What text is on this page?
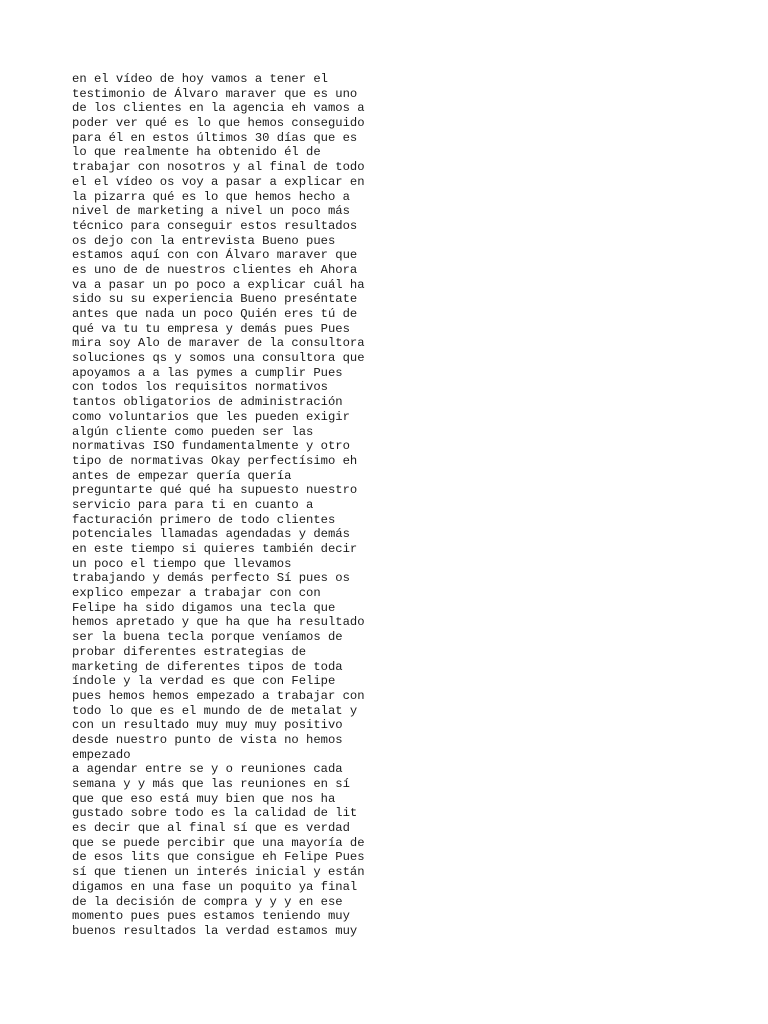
en el vídeo de hoy vamos a tener el
testimonio de Álvaro maraver que es uno
de los clientes en la agencia eh vamos a
poder ver qué es lo que hemos conseguido
para él en estos últimos 30 días que es
lo que realmente ha obtenido él de
trabajar con nosotros y al final de todo
el el vídeo os voy a pasar a explicar en
la pizarra qué es lo que hemos hecho a
nivel de marketing a nivel un poco más
técnico para conseguir estos resultados
os dejo con la entrevista Bueno pues
estamos aquí con con Álvaro maraver que
es uno de de nuestros clientes eh Ahora
va a pasar un po poco a explicar cuál ha
sido su su experiencia Bueno preséntate
antes que nada un poco Quién eres tú de
qué va tu tu empresa y demás pues Pues
mira soy Alo de maraver de la consultora
soluciones qs y somos una consultora que
apoyamos a a las pymes a cumplir Pues
con todos los requisitos normativos
tantos obligatorios de administración
como voluntarios que les pueden exigir
algún cliente como pueden ser las
normativas ISO fundamentalmente y otro
tipo de normativas Okay perfectísimo eh
antes de empezar quería quería
preguntarte qué qué ha supuesto nuestro
servicio para para ti en cuanto a
facturación primero de todo clientes
potenciales llamadas agendadas y demás
en este tiempo si quieres también decir
un poco el tiempo que llevamos
trabajando y demás perfecto Sí pues os
explico empezar a trabajar con con
Felipe ha sido digamos una tecla que
hemos apretado y que ha que ha resultado
ser la buena tecla porque veníamos de
probar diferentes estrategias de
marketing de diferentes tipos de toda
índole y la verdad es que con Felipe
pues hemos hemos empezado a trabajar con
todo lo que es el mundo de de metalat y
con un resultado muy muy muy positivo
desde nuestro punto de vista no hemos
empezado
a agendar entre se y o reuniones cada
semana y y más que las reuniones en sí
que que eso está muy bien que nos ha
gustado sobre todo es la calidad de lit
es decir que al final sí que es verdad
que se puede percibir que una mayoría de
de esos lits que consigue eh Felipe Pues
sí que tienen un interés inicial y están
digamos en una fase un poquito ya final
de la decisión de compra y y y en ese
momento pues pues estamos teniendo muy
buenos resultados la verdad estamos muy
